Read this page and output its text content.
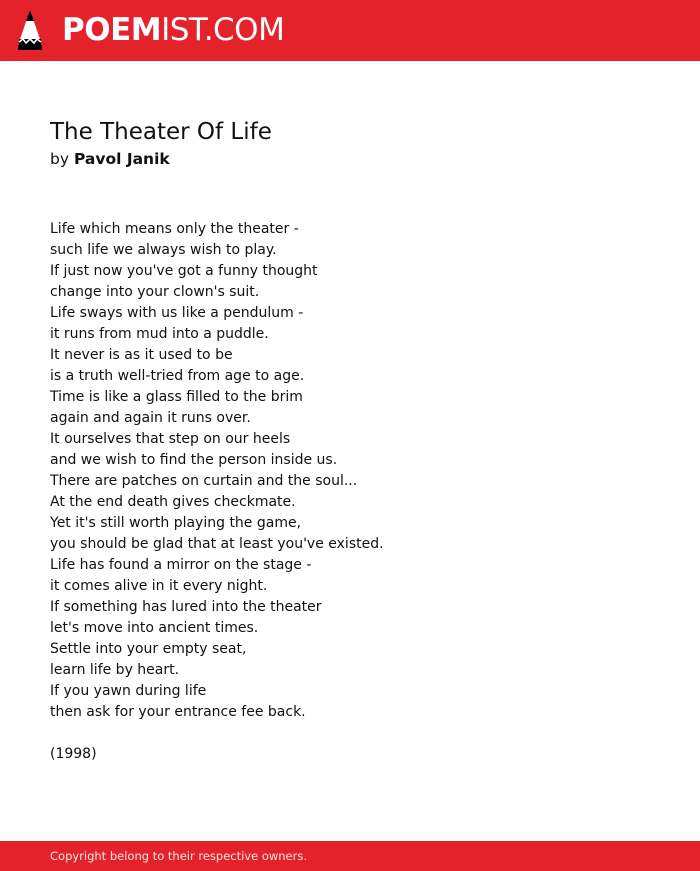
POEMIST.COM
The Theater Of Life
by Pavol Janik
Life which means only the theater -
such life we always wish to play.
If just now you've got a funny thought
change into your clown's suit.
Life sways with us like a pendulum -
it runs from mud into a puddle.
It never is as it used to be
is a truth well-tried from age to age.
Time is like a glass filled to the brim
again and again it runs over.
It ourselves that step on our heels
and we wish to find the person inside us.
There are patches on curtain and the soul...
At the end death gives checkmate.
Yet it's still worth playing the game,
you should be glad that at least you've existed.
Life has found a mirror on the stage -
it comes alive in it every night.
If something has lured into the theater
let's move into ancient times.
Settle into your empty seat,
learn life by heart.
If you yawn during life
then ask for your entrance fee back.
(1998)
Copyright belong to their respective owners.
